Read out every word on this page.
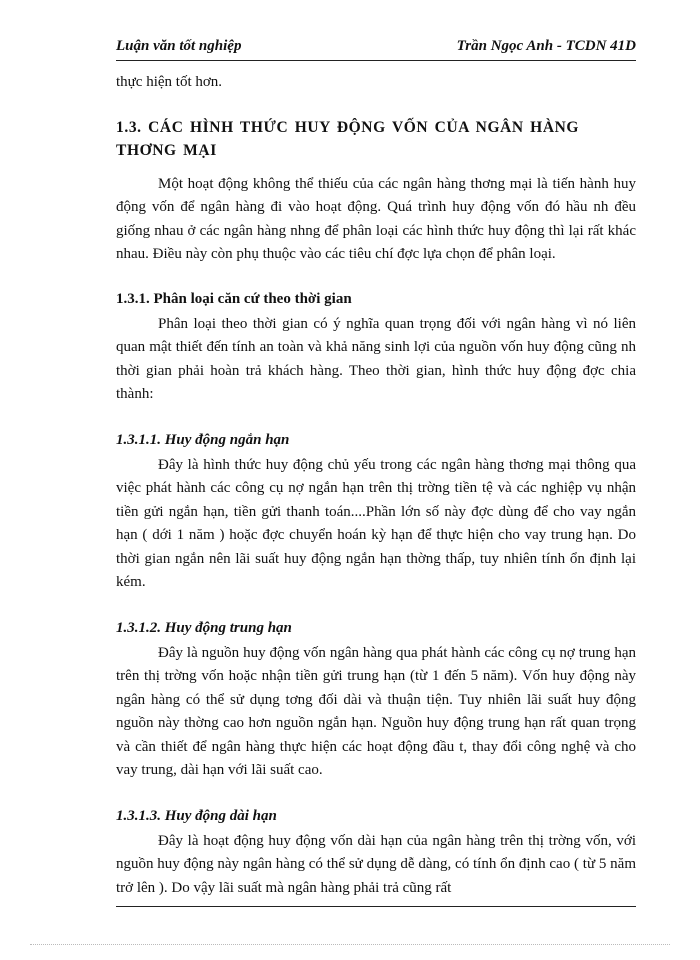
Luận văn tốt nghiệp	Trần Ngọc Anh - TCDN 41D

thực hiện tốt hơn.

1.3. CÁC HÌNH THỨC HUY ĐỘNG VỐN CỦA NGÂN HÀNG THƠNG MẠI

Một hoạt động không thể thiếu của các ngân hàng thơng mại là tiến hành huy động vốn để ngân hàng đi vào hoạt động. Quá trình huy động vốn đó hầu nh đều giống nhau ở các ngân hàng nhng để phân loại các hình thức huy động thì lại rất khác nhau. Điều này còn phụ thuộc vào các tiêu chí đợc lựa chọn để phân loại.

1.3.1. Phân loại căn cứ theo thời gian

Phân loại theo thời gian có ý nghĩa quan trọng đối với ngân hàng vì nó liên quan mật thiết đến tính an toàn và khả năng sinh lợi của nguồn vốn huy động cũng nh thời gian phải hoàn trả khách hàng. Theo thời gian, hình thức huy động đợc chia thành:

1.3.1.1. Huy động ngắn hạn

Đây là hình thức huy động chủ yếu trong các ngân hàng thơng mại thông qua việc phát hành các công cụ nợ ngắn hạn trên thị trờng tiền tệ và các nghiệp vụ nhận tiền gửi ngắn hạn, tiền gửi thanh toán....Phần lớn số này đợc dùng để cho vay ngắn hạn ( dới 1 năm ) hoặc đợc chuyển hoán kỳ hạn để thực hiện cho vay trung hạn. Do thời gian ngắn nên lãi suất huy động ngắn hạn thờng thấp, tuy nhiên tính ổn định lại kém.

1.3.1.2. Huy động trung hạn

Đây là nguồn huy động vốn ngân hàng qua phát hành các công cụ nợ trung hạn trên thị trờng vốn hoặc nhận tiền gửi trung hạn (từ 1 đến 5 năm). Vốn huy động này ngân hàng có thể sử dụng tơng đối dài và thuận tiện. Tuy nhiên lãi suất huy động nguồn này thờng cao hơn nguồn ngắn hạn. Nguồn huy động trung hạn rất quan trọng và cần thiết để ngân hàng thực hiện các hoạt động đầu t, thay đổi công nghệ và cho vay trung, dài hạn với lãi suất cao.

1.3.1.3. Huy động dài hạn

Đây là hoạt động huy động vốn dài hạn của ngân hàng trên thị trờng vốn, với nguồn huy động này ngân hàng có thể sử dụng dễ dàng, có tính ổn định cao ( từ 5 năm trở lên ). Do vậy lãi suất mà ngân hàng phải trả cũng rất
